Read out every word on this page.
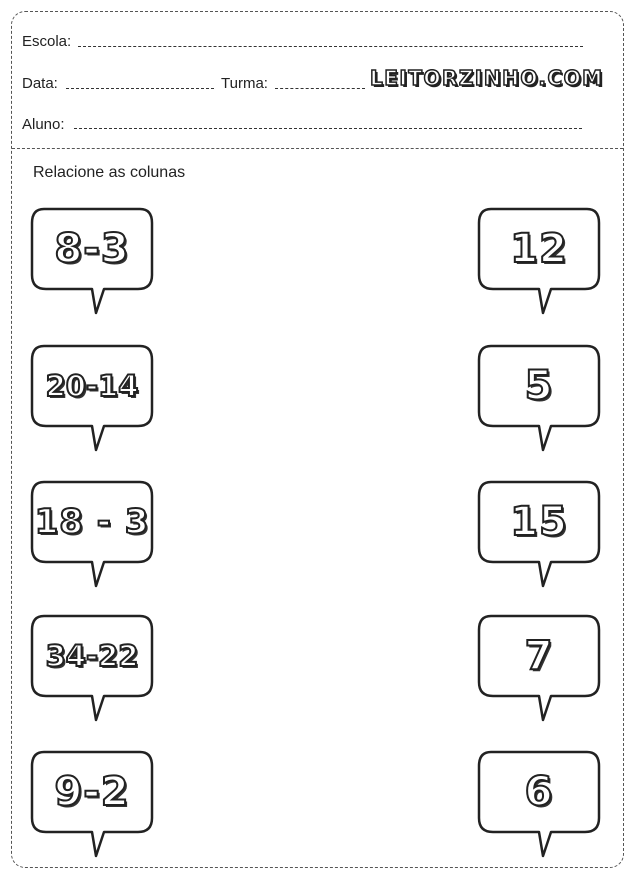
Escola:
Data:	Turma:	LEITORZINHO.COM
Aluno:
Relacione as colunas
8-3
20-14
18 - 3
34-22
9-2
12
5
15
7
6
